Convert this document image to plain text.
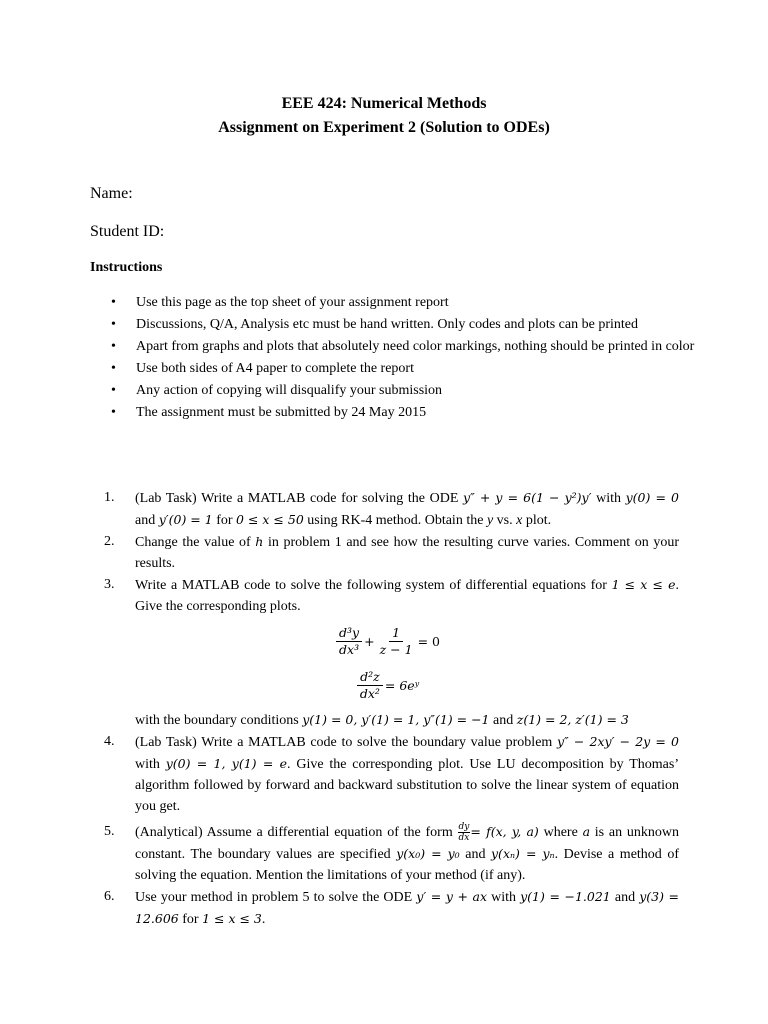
EEE 424: Numerical Methods
Assignment on Experiment 2 (Solution to ODEs)
Name:
Student ID:
Instructions
• Use this page as the top sheet of your assignment report
• Discussions, Q/A, Analysis etc must be hand written. Only codes and plots can be printed
• Apart from graphs and plots that absolutely need color markings, nothing should be printed in color
• Use both sides of A4 paper to complete the report
• Any action of copying will disqualify your submission
• The assignment must be submitted by 24 May 2015
1. (Lab Task) Write a MATLAB code for solving the ODE y″ + y = 6(1 − y²)y′ with y(0) = 0 and y′(0) = 1 for 0 ≤ x ≤ 50 using RK-4 method. Obtain the y vs. x plot.
2. Change the value of h in problem 1 and see how the resulting curve varies. Comment on your results.
3. Write a MATLAB code to solve the following system of differential equations for 1 ≤ x ≤ e. Give the corresponding plots.
$\frac{\text{d³y}}{\text{dx³}} + \frac{1}{z - 1} = 0$
$\frac{\text{d²z}}{\text{dx²}}$ = 6eʸ
with the boundary conditions y(1) = 0, y′(1) = 1, y″(1) = −1 and z(1) = 2, z′(1) = 3
4. (Lab Task) Write a MATLAB code to solve the boundary value problem y″ − 2xy′ − 2y = 0 with y(0) = 1, y(1) = e. Give the corresponding plot. Use LU decomposition by Thomas’ algorithm followed by forward and backward substitution to solve the linear system of equation you get.
5. (Analytical) Assume a differential equation of the form $\frac{dy}{dx} = f(x$, y, a) where a is an unknown constant. The boundary values are specified y(x₀) = y₀ and y(xₙ) = yₙ. Devise a method of solving the equation. Mention the limitations of your method (if any).
6. Use your method in problem 5 to solve the ODE y′ = y + ax with y(1) = −1.021 and y(3) = 12.606 for 1 ≤ x ≤ 3.
